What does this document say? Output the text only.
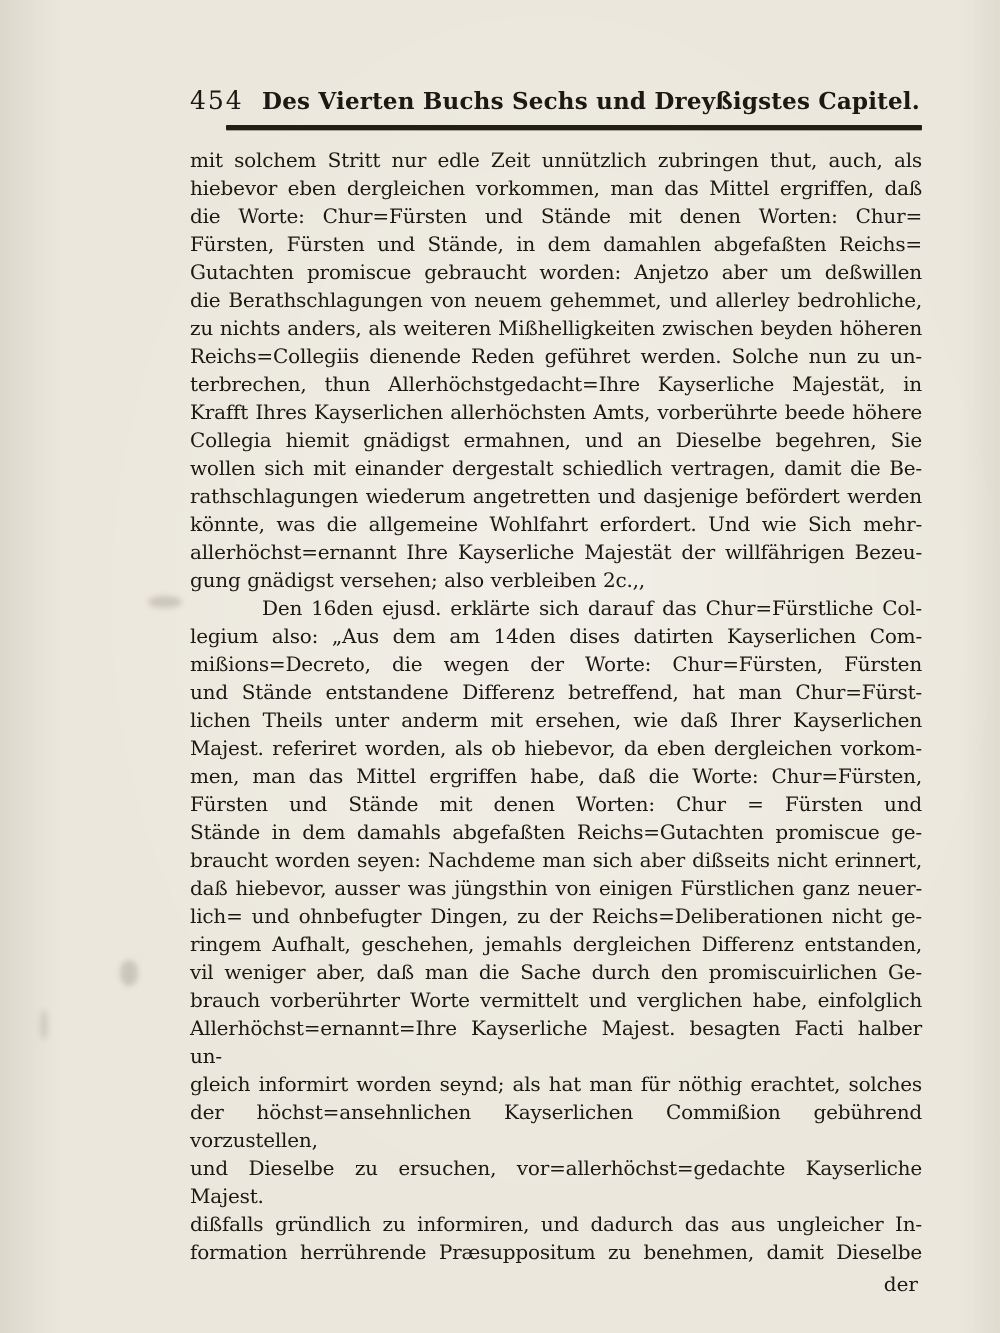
454 Des Vierten Buchs Sechs und Dreyßigstes Capitel.
mit solchem Stritt nur edle Zeit unnützlich zubringen thut, auch, als
hiebevor eben dergleichen vorkommen, man das Mittel ergriffen, daß
die Worte: Chur=Fürsten und Stände mit denen Worten: Chur=
Fürsten, Fürsten und Stände, in dem damahlen abgefaßten Reichs=
Gutachten promiscue gebraucht worden: Anjetzo aber um deßwillen
die Berathschlagungen von neuem gehemmet, und allerley bedrohliche,
zu nichts anders, als weiteren Mißhelligkeiten zwischen beyden höheren
Reichs=Collegiis dienende Reden geführet werden. Solche nun zu un-
terbrechen, thun Allerhöchstgedacht=Ihre Kayserliche Majestät, in
Krafft Ihres Kayserlichen allerhöchsten Amts, vorberührte beede höhere
Collegia hiemit gnädigst ermahnen, und an Dieselbe begehren, Sie
wollen sich mit einander dergestalt schiedlich vertragen, damit die Be-
rathschlagungen wiederum angetretten und dasjenige befördert werden
könnte, was die allgemeine Wohlfahrt erfordert. Und wie Sich mehr-
allerhöchst=ernannt Ihre Kayserliche Majestät der willfährigen Bezeu-
gung gnädigst versehen; also verbleiben 2c.,,
Den 16den ejusd. erklärte sich darauf das Chur=Fürstliche Col-
legium also: „Aus dem am 14den dises datirten Kayserlichen Com-
mißions=Decreto, die wegen der Worte: Chur=Fürsten, Fürsten
und Stände entstandene Differenz betreffend, hat man Chur=Fürst-
lichen Theils unter anderm mit ersehen, wie daß Ihrer Kayserlichen
Majest. referiret worden, als ob hiebevor, da eben dergleichen vorkom-
men, man das Mittel ergriffen habe, daß die Worte: Chur=Fürsten,
Fürsten und Stände mit denen Worten: Chur = Fürsten und
Stände in dem damahls abgefaßten Reichs=Gutachten promiscue ge-
braucht worden seyen: Nachdeme man sich aber dißseits nicht erinnert,
daß hiebevor, ausser was jüngsthin von einigen Fürstlichen ganz neuer-
lich= und ohnbefugter Dingen, zu der Reichs=Deliberationen nicht ge-
ringem Aufhalt, geschehen, jemahls dergleichen Differenz entstanden,
vil weniger aber, daß man die Sache durch den promiscuirlichen Ge-
brauch vorberührter Worte vermittelt und verglichen habe, einfolglich
Allerhöchst=ernannt=Ihre Kayserliche Majest. besagten Facti halber un-
gleich informirt worden seynd; als hat man für nöthig erachtet, solches
der höchst=ansehnlichen Kayserlichen Commißion gebührend vorzustellen,
und Dieselbe zu ersuchen, vor=allerhöchst=gedachte Kayserliche Majest.
dißfalls gründlich zu informiren, und dadurch das aus ungleicher In-
formation herrührende Præsuppositum zu benehmen, damit Dieselbe
der
